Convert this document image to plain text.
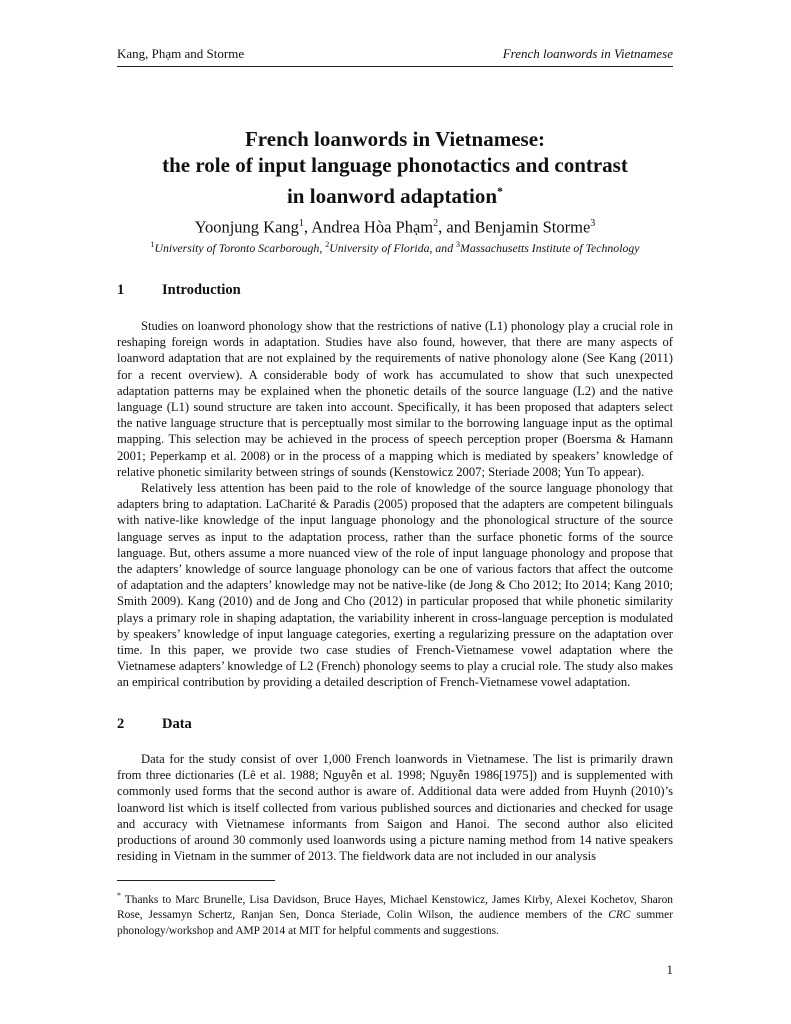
Kang, Phạm and Storme	French loanwords in Vietnamese
French loanwords in Vietnamese:
the role of input language phonotactics and contrast
in loanword adaptation*
Yoonjung Kang$^1$, Andrea Hòa Phạm$^2$, and Benjamin Storme$^3$
$^1$University of Toronto Scarborough, $^2$University of Florida, and $^3$Massachusetts Institute of Technology
1	Introduction

Studies on loanword phonology show that the restrictions of native (L1) phonology play a crucial role in reshaping foreign words in adaptation. Studies have also found, however, that there are many aspects of loanword adaptation that are not explained by the requirements of native phonology alone (See Kang (2011) for a recent overview). A considerable body of work has accumulated to show that such unexpected adaptation patterns may be explained when the phonetic details of the source language (L2) and the native language (L1) sound structure are taken into account. Specifically, it has been proposed that adapters select the native language structure that is perceptually most similar to the borrowing language input as the optimal mapping. This selection may be achieved in the process of speech perception proper (Boersma & Hamann 2001; Peperkamp et al. 2008) or in the process of a mapping which is mediated by speakers’ knowledge of relative phonetic similarity between strings of sounds (Kenstowicz 2007; Steriade 2008; Yun To appear).

Relatively less attention has been paid to the role of knowledge of the source language phonology that adapters bring to adaptation. LaCharité & Paradis (2005) proposed that the adapters are competent bilinguals with native-like knowledge of the input language phonology and the phonological structure of the source language serves as input to the adaptation process, rather than the surface phonetic forms of the source language. But, others assume a more nuanced view of the role of input language phonology and propose that the adapters’ knowledge of source language phonology can be one of various factors that affect the outcome of adaptation and the adapters’ knowledge may not be native-like (de Jong & Cho 2012; Ito 2014; Kang 2010; Smith 2009). Kang (2010) and de Jong and Cho (2012) in particular proposed that while phonetic similarity plays a primary role in shaping adaptation, the variability inherent in cross-language perception is modulated by speakers’ knowledge of input language categories, exerting a regularizing pressure on the adaptation over time. In this paper, we provide two case studies of French-Vietnamese vowel adaptation where the Vietnamese adapters’ knowledge of L2 (French) phonology seems to play a crucial role. The study also makes an empirical contribution by providing a detailed description of French-Vietnamese vowel adaptation.

2	Data

Data for the study consist of over 1,000 French loanwords in Vietnamese. The list is primarily drawn from three dictionaries (Lê et al. 1988; Nguyễn et al. 1998; Nguyễn 1986[1975]) and is supplemented with commonly used forms that the second author is aware of. Additional data were added from Huynh (2010)’s loanword list which is itself collected from various published sources and dictionaries and checked for usage and accuracy with Vietnamese informants from Saigon and Hanoi. The second author also elicited productions of around 30 commonly used loanwords using a picture naming method from 14 native speakers residing in Vietnam in the summer of 2013. The fieldwork data are not included in our analysis

* Thanks to Marc Brunelle, Lisa Davidson, Bruce Hayes, Michael Kenstowicz, James Kirby, Alexei Kochetov, Sharon Rose, Jessamyn Schertz, Ranjan Sen, Donca Steriade, Colin Wilson, the audience members of the CRC summer phonology/workshop and AMP 2014 at MIT for helpful comments and suggestions.
1
